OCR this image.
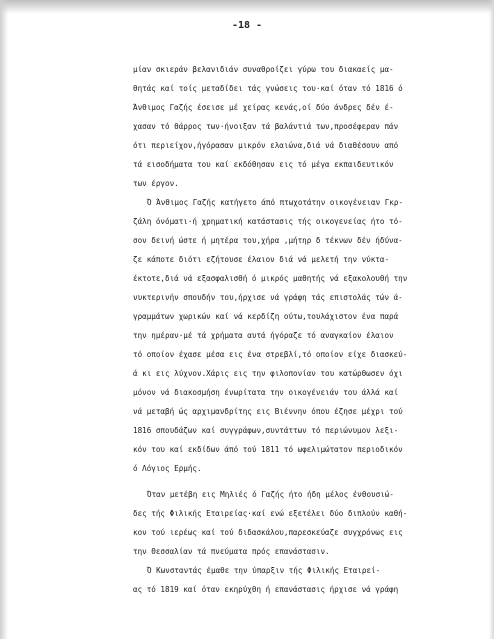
-18 -
μίαν σκιεράν βελανιδιάν συναθροίζει γύρω του διακαείς μα-
θητάς καί τοίς μεταδίδει τάς γνώσεις του·καί όταν τό 1816 ό
Άνθιμος Γαζής έσεισε μέ χείρας κενάς,οί δύο άνδρες δέν έ-
χασαν τό θάρρος των·ήνοιξαν τά βαλάντιά των,προσέφεραν πάν
ότι περιείχον,ήγόρασαν μικρόν ελαιώνα,διά νά διαθέσουν από
τά εισοδήματα του καί εκδόθησαν εις τό μέγα εκπαιδευτικόν
των έργον.
Ό Άνθιμος Γαζής κατήγετο άπό πτωχοτάτην οικογένειαν Γκρ-
ζάλη όνόματι·ή χρηματική κατάστασις τής οικογενείας ήτο τό-
σον δεινή ώστε ή μητέρα του,χήρα ,μήτηρ δ τέκνων δέν ήδύνα-
ζε κάποτε διότι εζήτουσε έλαιον διά νά μελετή την νύκτα-
έκτοτε,διά νά εξασφαλισθή ό μικρός μαθητής νά εξακολουθή την
νυκτερινήν σπουδήν του,ήρχισε νά γράφη τάς επιστολάς τών ά-
γραμμάτων χωρικών καί νά κερδίζη ούτω,τουλάχιστον ένα παρά
την ημέραν·μέ τά χρήματα αυτά ήγόραζε τό αναγκαίον έλαιον
τό οποίον έχασε μέσα εις ένα στρεβλί,τό οποίον είχε διασκεύ-
ά κι εις λύχνον.Χάρις εις την φιλοπονίαν του κατώρθωσεν όχι
μόνον νά διακοσμήση ένωρίτατα την οικογένειάν του άλλά καί
νά μεταβή ώς αρχιμανδρίτης εις Βιέννην όπου έζησε μέχρι τού
1816 σπουδάζων καί συγγράφων,συντάττων τό περιώνυμον λεξι-
κόν του καί εκδίδων άπό τού 1811 τό ωφελιμώτατον περιοδικόν
ό Λόγιος Ερμής.
Όταν μετέβη εις Μηλιές ό Γαζής ήτο ήδη μέλος ένθουσιώ-
δες τής Φιλικής Εταιρείας·καί ενώ εξετέλει δύο διπλούν καθή-
κον τού ιερέως καί τού διδασκάλου,παρεσκεύαζε συγχρόνως εις
την Θεσσαλίαν τά πνεύματα πρός επανάστασιν.
Ό Κωνσταντάς έμαθε την ύπαρξιν τής Φιλικής Εταιρεί-
ας τό 1819 καί όταν εκηρύχθη ή επανάστασις ήρχισε νά γράφη
